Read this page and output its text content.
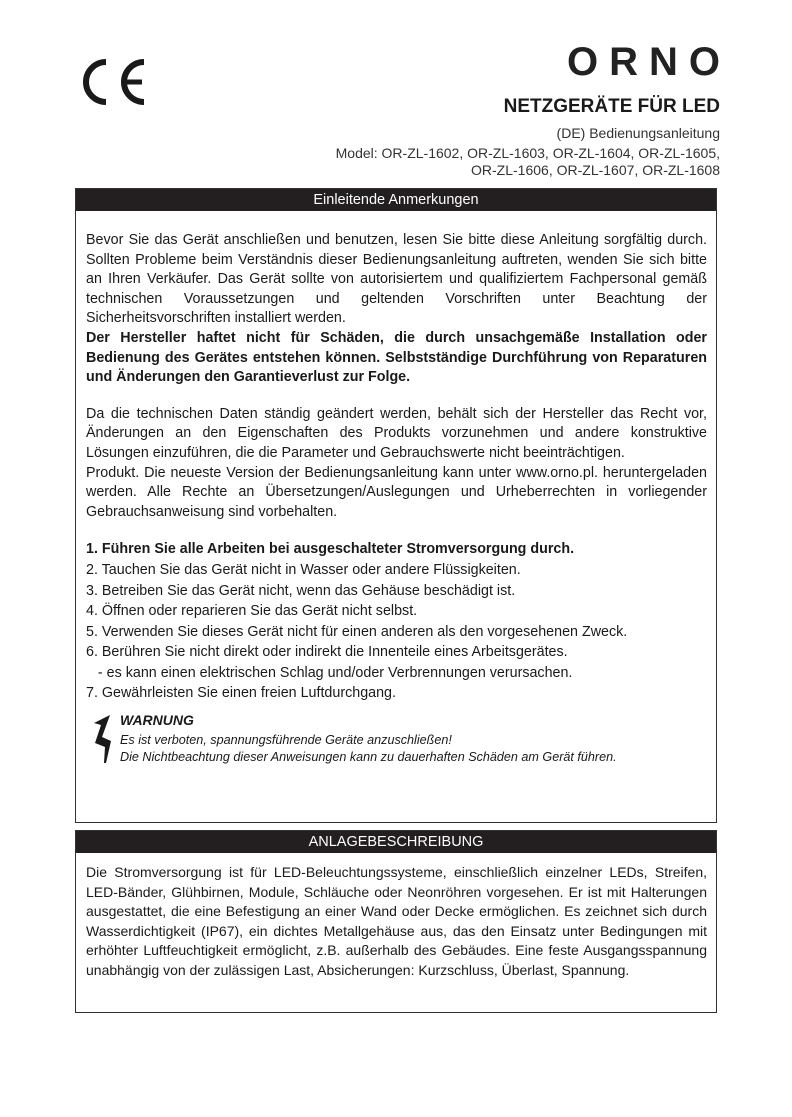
ORNO
NETZGERÄTE FÜR LED
(DE) Bedienungsanleitung
Model: OR-ZL-1602, OR-ZL-1603, OR-ZL-1604, OR-ZL-1605,
OR-ZL-1606, OR-ZL-1607, OR-ZL-1608
Einleitende Anmerkungen

Bevor Sie das Gerät anschließen und benutzen, lesen Sie bitte diese Anleitung sorgfältig durch. Sollten Probleme beim Verständnis dieser Bedienungsanleitung auftreten, wenden Sie sich bitte an Ihren Verkäufer. Das Gerät sollte von autorisiertem und qualifiziertem Fachpersonal gemäß technischen Voraussetzungen und geltenden Vorschriften unter Beachtung der Sicherheitsvorschriften installiert werden.

Der Hersteller haftet nicht für Schäden, die durch unsachgemäße Installation oder Bedienung des Gerätes entstehen können. Selbstständige Durchführung von Reparaturen und Änderungen den Garantieverlust zur Folge.

Da die technischen Daten ständig geändert werden, behält sich der Hersteller das Recht vor, Änderungen an den Eigenschaften des Produkts vorzunehmen und andere konstruktive Lösungen einzuführen, die die Parameter und Gebrauchswerte nicht beeinträchtigen.

Produkt. Die neueste Version der Bedienungsanleitung kann unter www.orno.pl. heruntergeladen werden. Alle Rechte an Übersetzungen/Auslegungen und Urheberrechten in vorliegender Gebrauchsanweisung sind vorbehalten.

1. Führen Sie alle Arbeiten bei ausgeschalteter Stromversorgung durch.
2. Tauchen Sie das Gerät nicht in Wasser oder andere Flüssigkeiten.
3. Betreiben Sie das Gerät nicht, wenn das Gehäuse beschädigt ist.
4. Öffnen oder reparieren Sie das Gerät nicht selbst.
5. Verwenden Sie dieses Gerät nicht für einen anderen als den vorgesehenen Zweck.
6. Berühren Sie nicht direkt oder indirekt die Innenteile eines Arbeitsgerätes.
- es kann einen elektrischen Schlag und/oder Verbrennungen verursachen.
7. Gewährleisten Sie einen freien Luftdurchgang.
WARNUNG
Es ist verboten, spannungsführende Geräte anzuschließen!
Die Nichtbeachtung dieser Anweisungen kann zu dauerhaften Schäden am Gerät führen.
ANLAGEBESCHREIBUNG

Die Stromversorgung ist für LED-Beleuchtungssysteme, einschließlich einzelner LEDs, Streifen, LED-Bänder, Glühbirnen, Module, Schläuche oder Neonröhren vorgesehen. Er ist mit Halterungen ausgestattet, die eine Befestigung an einer Wand oder Decke ermöglichen. Es zeichnet sich durch Wasserdichtigkeit (IP67), ein dichtes Metallgehäuse aus, das den Einsatz unter Bedingungen mit erhöhter Luftfeuchtigkeit ermöglicht, z.B. außerhalb des Gebäudes. Eine feste Ausgangsspannung unabhängig von der zulässigen Last, Absicherungen: Kurzschluss, Überlast, Spannung.
